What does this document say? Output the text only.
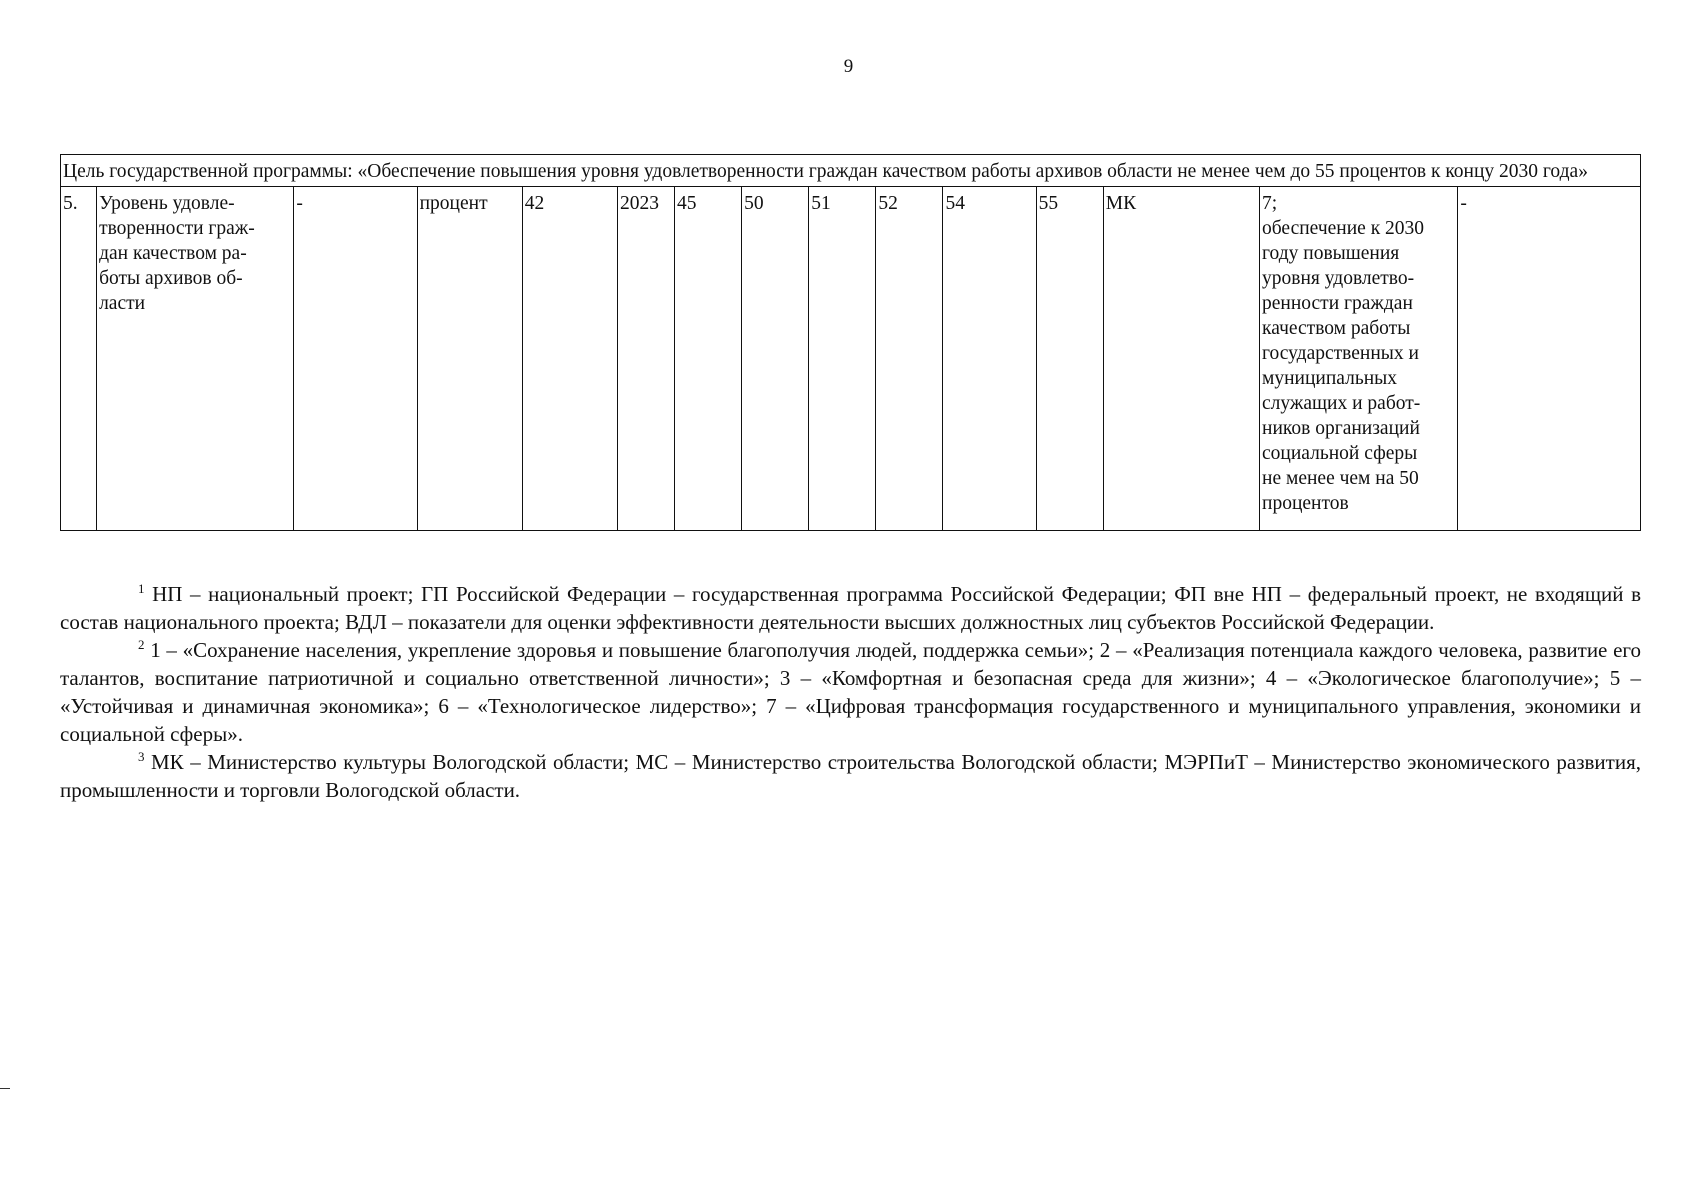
9
Цель государственной программы: «Обеспечение повышения уровня удовлетворенности граждан качеством работы архивов области не менее чем до 55 процентов к концу 2030 года»
5.	Уровень удовле-
творенности граж-
дан качеством ра-
боты архивов об-
ласти	-	процент	42	2023	45	50	51	52	54	55	МК	7;
обеспечение к 2030
году повышения
уровня удовлетво-
ренности граждан
качеством работы
государственных и
муниципальных
служащих и работ-
ников организаций
социальной сферы
не менее чем на 50
процентов	-

$^1$ НП – национальный проект; ГП Российской Федерации – государственная программа Российской Федерации; ФП вне НП – федеральный проект, не входящий в состав национального проекта; ВДЛ – показатели для оценки эффективности деятельности высших должностных лиц субъектов Российской Федерации.

$^2$ 1 – «Сохранение населения, укрепление здоровья и повышение благополучия людей, поддержка семьи»; 2 – «Реализация потенциала каждого человека, развитие его талантов, воспитание патриотичной и социально ответственной личности»; 3 – «Комфортная и безопасная среда для жизни»; 4 – «Экологическое благополучие»; 5 – «Устойчивая и динамичная экономика»; 6 – «Технологическое лидерство»; 7 – «Цифровая трансформация государственного и муниципального управления, экономики и социальной сферы».

$^3$ МК – Министерство культуры Вологодской области; МС – Министерство строительства Вологодской области; МЭРПиТ – Министерство экономического развития, промышленности и торговли Вологодской области.
